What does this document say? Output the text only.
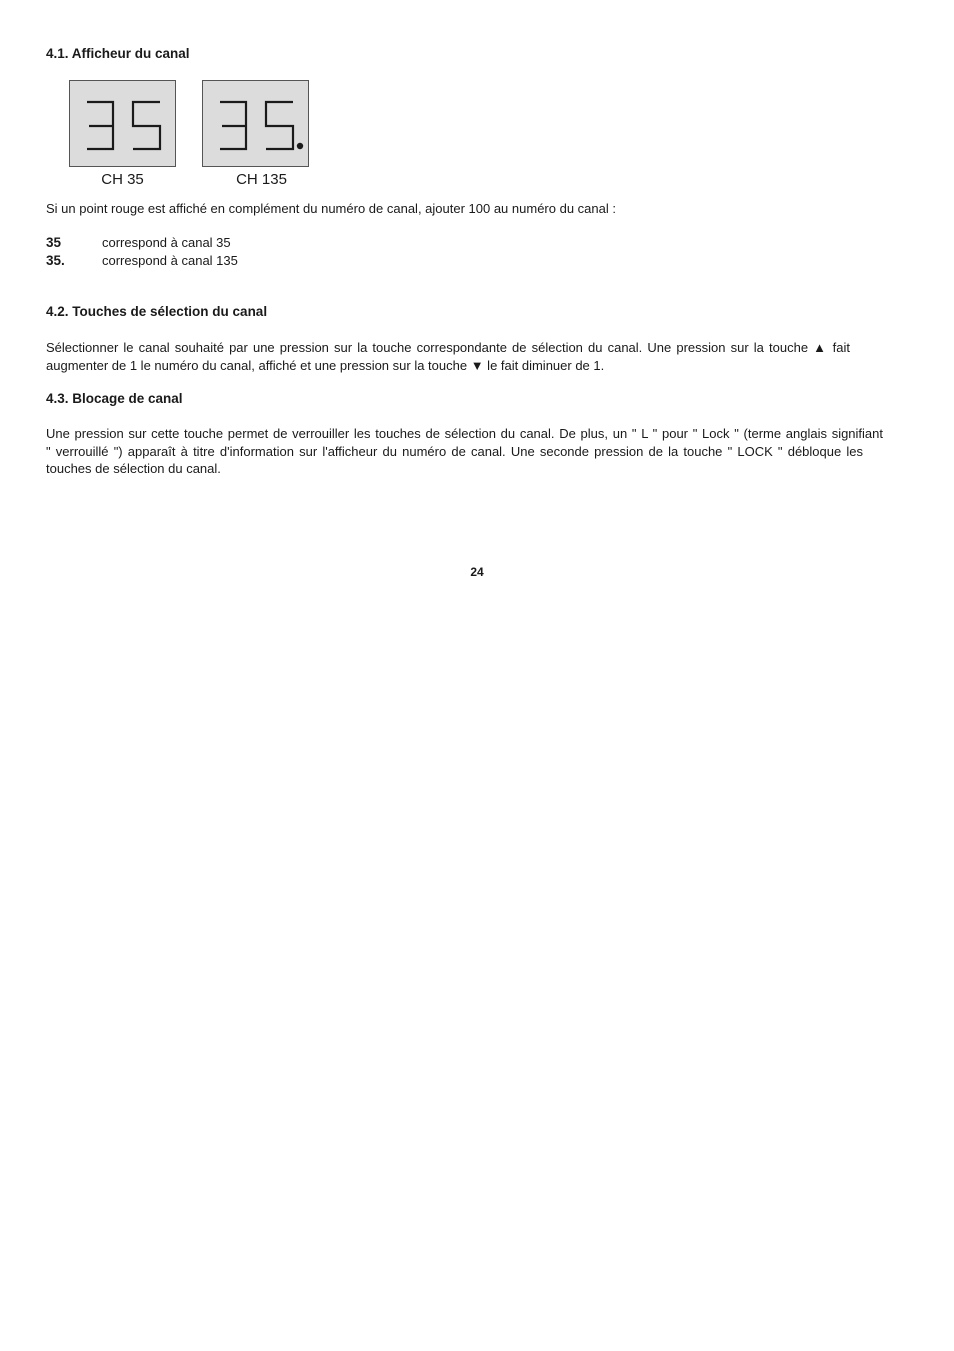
4.1. Afficheur du canal
CH 35	CH 135
Si un point rouge est affiché en complément du numéro de canal, ajouter 100 au numéro du canal :
35	correspond à canal 35
35.	correspond à canal 135
4.2. Touches de sélection du canal
Sélectionner le canal souhaité par une pression sur la touche correspondante de sélection du canal. Une pression sur la touche ▲ fait
augmenter de 1 le numéro du canal, affiché et une pression sur la touche ▼ le fait diminuer de 1.
4.3. Blocage de canal
Une pression sur cette touche permet de verrouiller les touches de sélection du canal. De plus, un " L " pour " Lock " (terme anglais signifiant
" verrouillé ") apparaît à titre d'information sur l'afficheur du numéro de canal. Une seconde pression de la touche " LOCK " débloque les
touches de sélection du canal.
24
